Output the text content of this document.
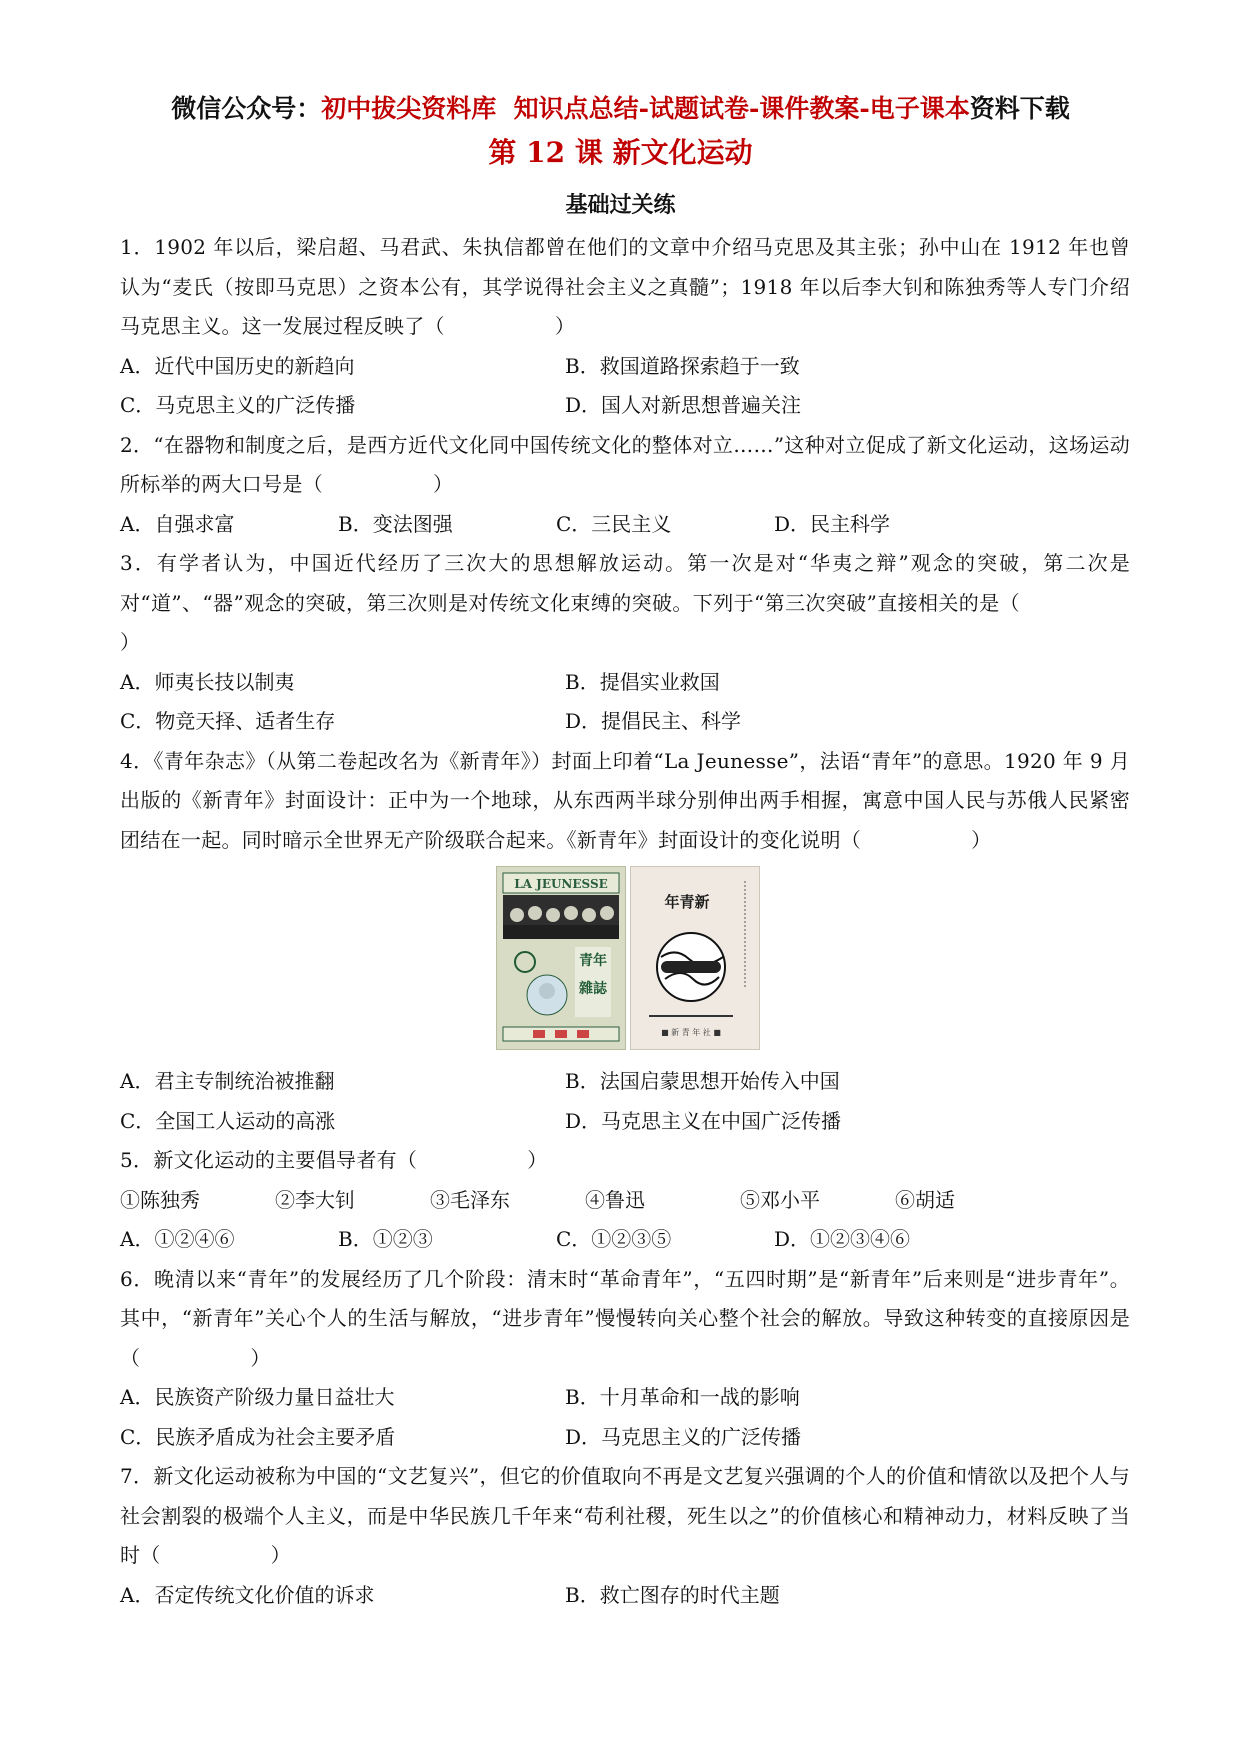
微信公众号：初中拔尖资料库 知识点总结-试题试卷-课件教案-电子课本资料下载
第 12 课 新文化运动
基础过关练

1．1902 年以后，梁启超、马君武、朱执信都曾在他们的文章中介绍马克思及其主张；孙中山在 1912 年也曾认为“麦氏（按即马克思）之资本公有，其学说得社会主义之真髓”；1918 年以后李大钊和陈独秀等人专门介绍马克思主义。这一发展过程反映了（	）

A．近代中国历史的新趋向	B．救国道路探索趋于一致
C．马克思主义的广泛传播	D．国人对新思想普遍关注

2．“在器物和制度之后，是西方近代文化同中国传统文化的整体对立……”这种对立促成了新文化运动，这场运动所标举的两大口号是（	）

A．自强求富	B．变法图强	C．三民主义	D．民主科学

3．有学者认为，中国近代经历了三次大的思想解放运动。第一次是对“华夷之辩”观念的突破，第二次是对“道”、“器”观念的突破，第三次则是对传统文化束缚的突破。下列于“第三次突破”直接相关的是（）

A．师夷长技以制夷	B．提倡实业救国
C．物竞天择、适者生存	D．提倡民主、科学

4．《青年杂志》（从第二卷起改名为《新青年》）封面上印着“La Jeunesse”，法语“青年”的意思。1920 年 9 月出版的《新青年》封面设计：正中为一个地球，从东西两半球分别伸出两手相握，寓意中国人民与苏俄人民紧密团结在一起。同时暗示全世界无产阶级联合起来。《新青年》封面设计的变化说明（	）

LA JEUNESSE
青年
雜誌
年青新
■ 新 青 年 社 ■
A．君主专制统治被推翻	B．法国启蒙思想开始传入中国
C．全国工人运动的高涨	D．马克思主义在中国广泛传播

5．新文化运动的主要倡导者有（	）

①陈独秀	②李大钊	③毛泽东	④鲁迅	⑤邓小平	⑥胡适
A．①②④⑥	B．①②③	C．①②③⑤	D．①②③④⑥

6．晚清以来“青年”的发展经历了几个阶段：清末时“革命青年”，“五四时期”是“新青年”后来则是“进步青年”。其中，“新青年”关心个人的生活与解放，“进步青年”慢慢转向关心整个社会的解放。导致这种转变的直接原因是（	）

A．民族资产阶级力量日益壮大	B．十月革命和一战的影响
C．民族矛盾成为社会主要矛盾	D．马克思主义的广泛传播

7．新文化运动被称为中国的“文艺复兴”，但它的价值取向不再是文艺复兴强调的个人的价值和情欲以及把个人与社会割裂的极端个人主义，而是中华民族几千年来“苟利社稷，死生以之”的价值核心和精神动力，材料反映了当时（	）

A．否定传统文化价值的诉求	B．救亡图存的时代主题
